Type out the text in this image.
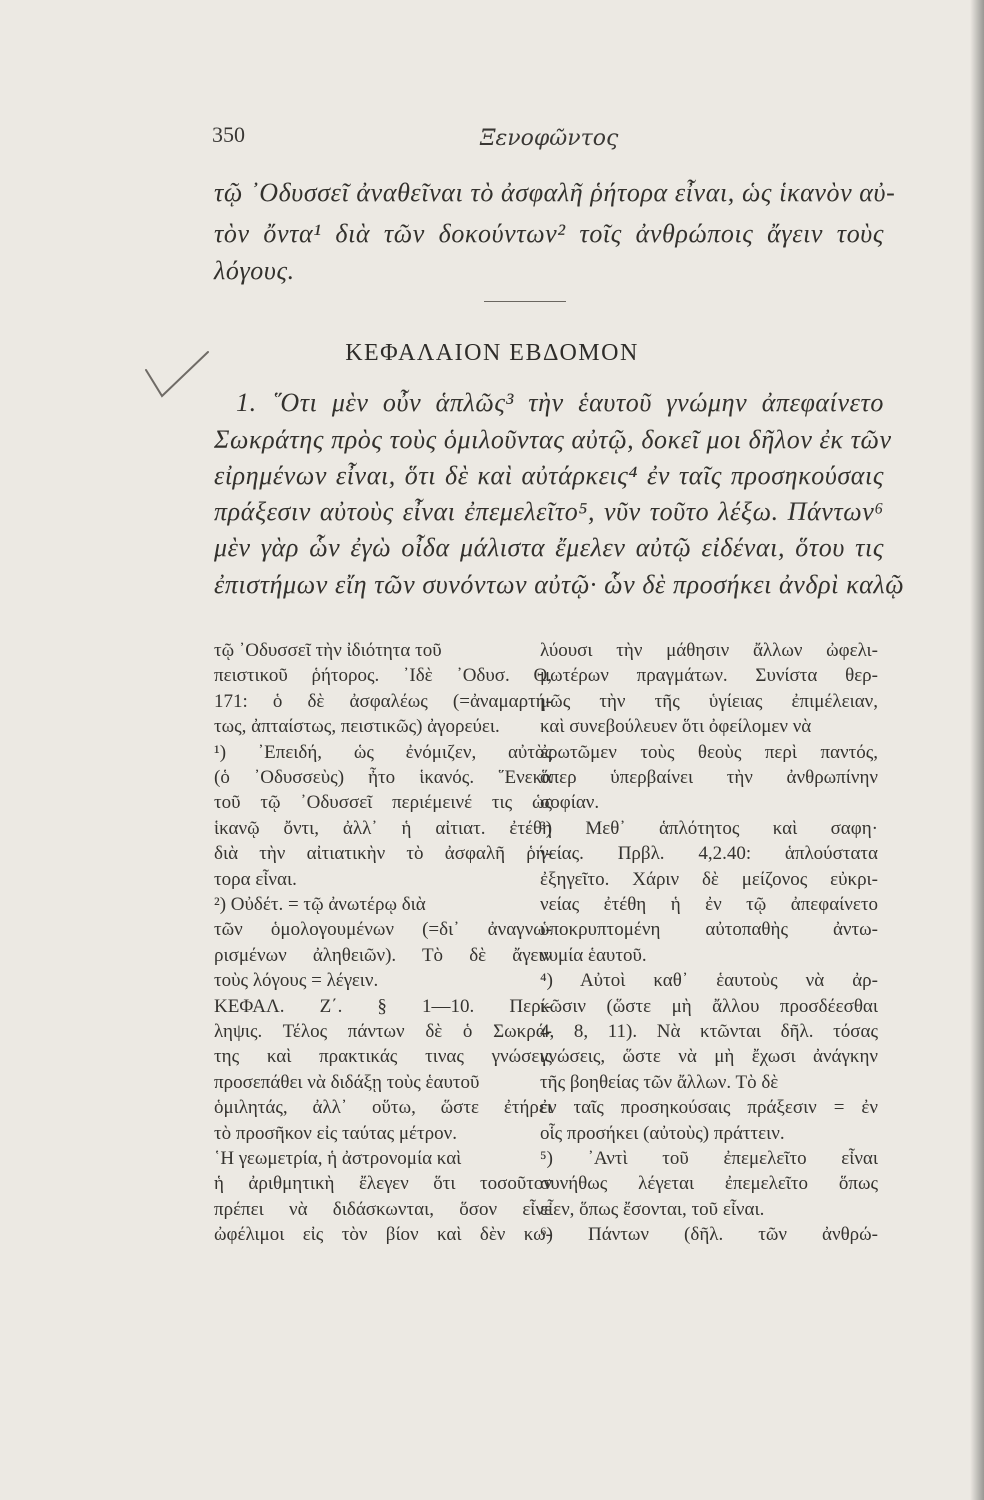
350	Ξενοφῶντος
τῷ ᾿Οδυσσεῖ ἀναθεῖναι τὸ ἀσφαλῆ ῥήτορα εἶναι, ὡς ἱκανὸν αὐ-
τὸν ὄντα¹ διὰ τῶν δοκούντων² τοῖς ἀνθρώποις ἄγειν τοὺς
λόγους.
ΚΕΦΑΛΑΙΟΝ ΕΒΔΟΜΟΝ
1. ῞Οτι μὲν οὖν ἁπλῶς³ τὴν ἑαυτοῦ γνώμην ἀπεφαίνετο
Σωκράτης πρὸς τοὺς ὁμιλοῦντας αὐτῷ, δοκεῖ μοι δῆλον ἐκ τῶν
εἰρημένων εἶναι, ὅτι δὲ καὶ αὐτάρκεις⁴ ἐν ταῖς προσηκούσαις
πράξεσιν αὐτοὺς εἶναι ἐπεμελεῖτο⁵, νῦν τοῦτο λέξω. Πάντων⁶
μὲν γὰρ ὧν ἐγὼ οἶδα μάλιστα ἔμελεν αὐτῷ εἰδέναι, ὅτου τις
ἐπιστήμων εἴη τῶν συνόντων αὐτῷ· ὧν δὲ προσήκει ἀνδρὶ καλῷ
τῷ ᾿Οδυσσεῖ τὴν ἰδιότητα τοῦ
πειστικοῦ ῥήτορος. ᾿Ιδὲ ᾿Οδυσ. Θ,
171: ὁ δὲ ἀσφαλέως (=ἀναμαρτή-
τως, ἀπταίστως, πειστικῶς) ἀγορεύει.
¹) ᾿Επειδή, ὡς ἐνόμιζεν, αὐτὸς
(ὁ ᾿Οδυσσεὺς) ἦτο ἱκανός. ῞Ενεκα
τοῦ τῷ ᾿Οδυσσεῖ περιέμεινέ τις ὡς
ἱκανῷ ὄντι, ἀλλ᾿ ἡ αἰτιατ. ἐτέθη
διὰ τὴν αἰτιατικὴν τὸ ἀσφαλῆ ῥή-
τορα εἶναι.
²) Οὐδέτ. = τῷ ἀνωτέρῳ διὰ
τῶν ὁμολογουμένων (=δι᾿ ἀναγνω-
ρισμένων ἀληθειῶν). Τὸ δὲ ἄγειν
τοὺς λόγους = λέγειν.
ΚΕΦΑΛ. Ζ΄. § 1—10. Περί-
ληψις. Τέλος πάντων δὲ ὁ Σωκρά-
της καὶ πρακτικάς τινας γνώσεις
προσεπάθει νὰ διδάξῃ τοὺς ἑαυτοῦ
ὁμιλητάς, ἀλλ᾿ οὕτω, ὥστε ἐτήρει
τὸ προσῆκον εἰς ταύτας μέτρον.
῾Η γεωμετρία, ἡ ἀστρονομία καὶ
ἡ ἀριθμητικὴ ἔλεγεν ὅτι τοσοῦτον
πρέπει νὰ διδάσκωνται, ὅσον εἶνε
ὠφέλιμοι εἰς τὸν βίον καὶ δὲν κω-
λύουσι τὴν μάθησιν ἄλλων ὠφελι-
μωτέρων πραγμάτων. Συνίστα θερ-
μῶς τὴν τῆς ὑγίειας ἐπιμέλειαν,
καὶ συνεβούλευεν ὅτι ὀφείλομεν νὰ
ἐρωτῶμεν τοὺς θεοὺς περὶ παντός,
ὅπερ ὑπερβαίνει τὴν ἀνθρωπίνην
σοφίαν.
³) Μεθ᾿ ἁπλότητος καὶ σαφη·
νείας. Πρβλ. 4,2.40: ἁπλούστατα
ἐξηγεῖτο. Χάριν δὲ μείζονος εὐκρι-
νείας ἐτέθη ἡ ἐν τῷ ἀπεφαίνετο
ὑποκρυπτομένη αὐτοπαθὴς ἀντω-
νυμία ἑαυτοῦ.
⁴) Αὐτοὶ καθ᾿ ἑαυτοὺς νὰ ἀρ-
κῶσιν (ὥστε μὴ ἄλλου προσδέεσθαι
4, 8, 11). Νὰ κτῶνται δῆλ. τόσας
γνώσεις, ὥστε νὰ μὴ ἔχωσι ἀνάγκην
τῆς βοηθείας τῶν ἄλλων. Τὸ δὲ
ἐν ταῖς προσηκούσαις πράξεσιν = ἐν
οἷς προσήκει (αὐτοὺς) πράττειν.
⁵) ᾿Αντὶ τοῦ ἐπεμελεῖτο εἶναι
συνήθως λέγεται ἐπεμελεῖτο ὅπως
εἶεν, ὅπως ἔσονται, τοῦ εἶναι.
⁶) Πάντων (δῆλ. τῶν ἀνθρώ-
